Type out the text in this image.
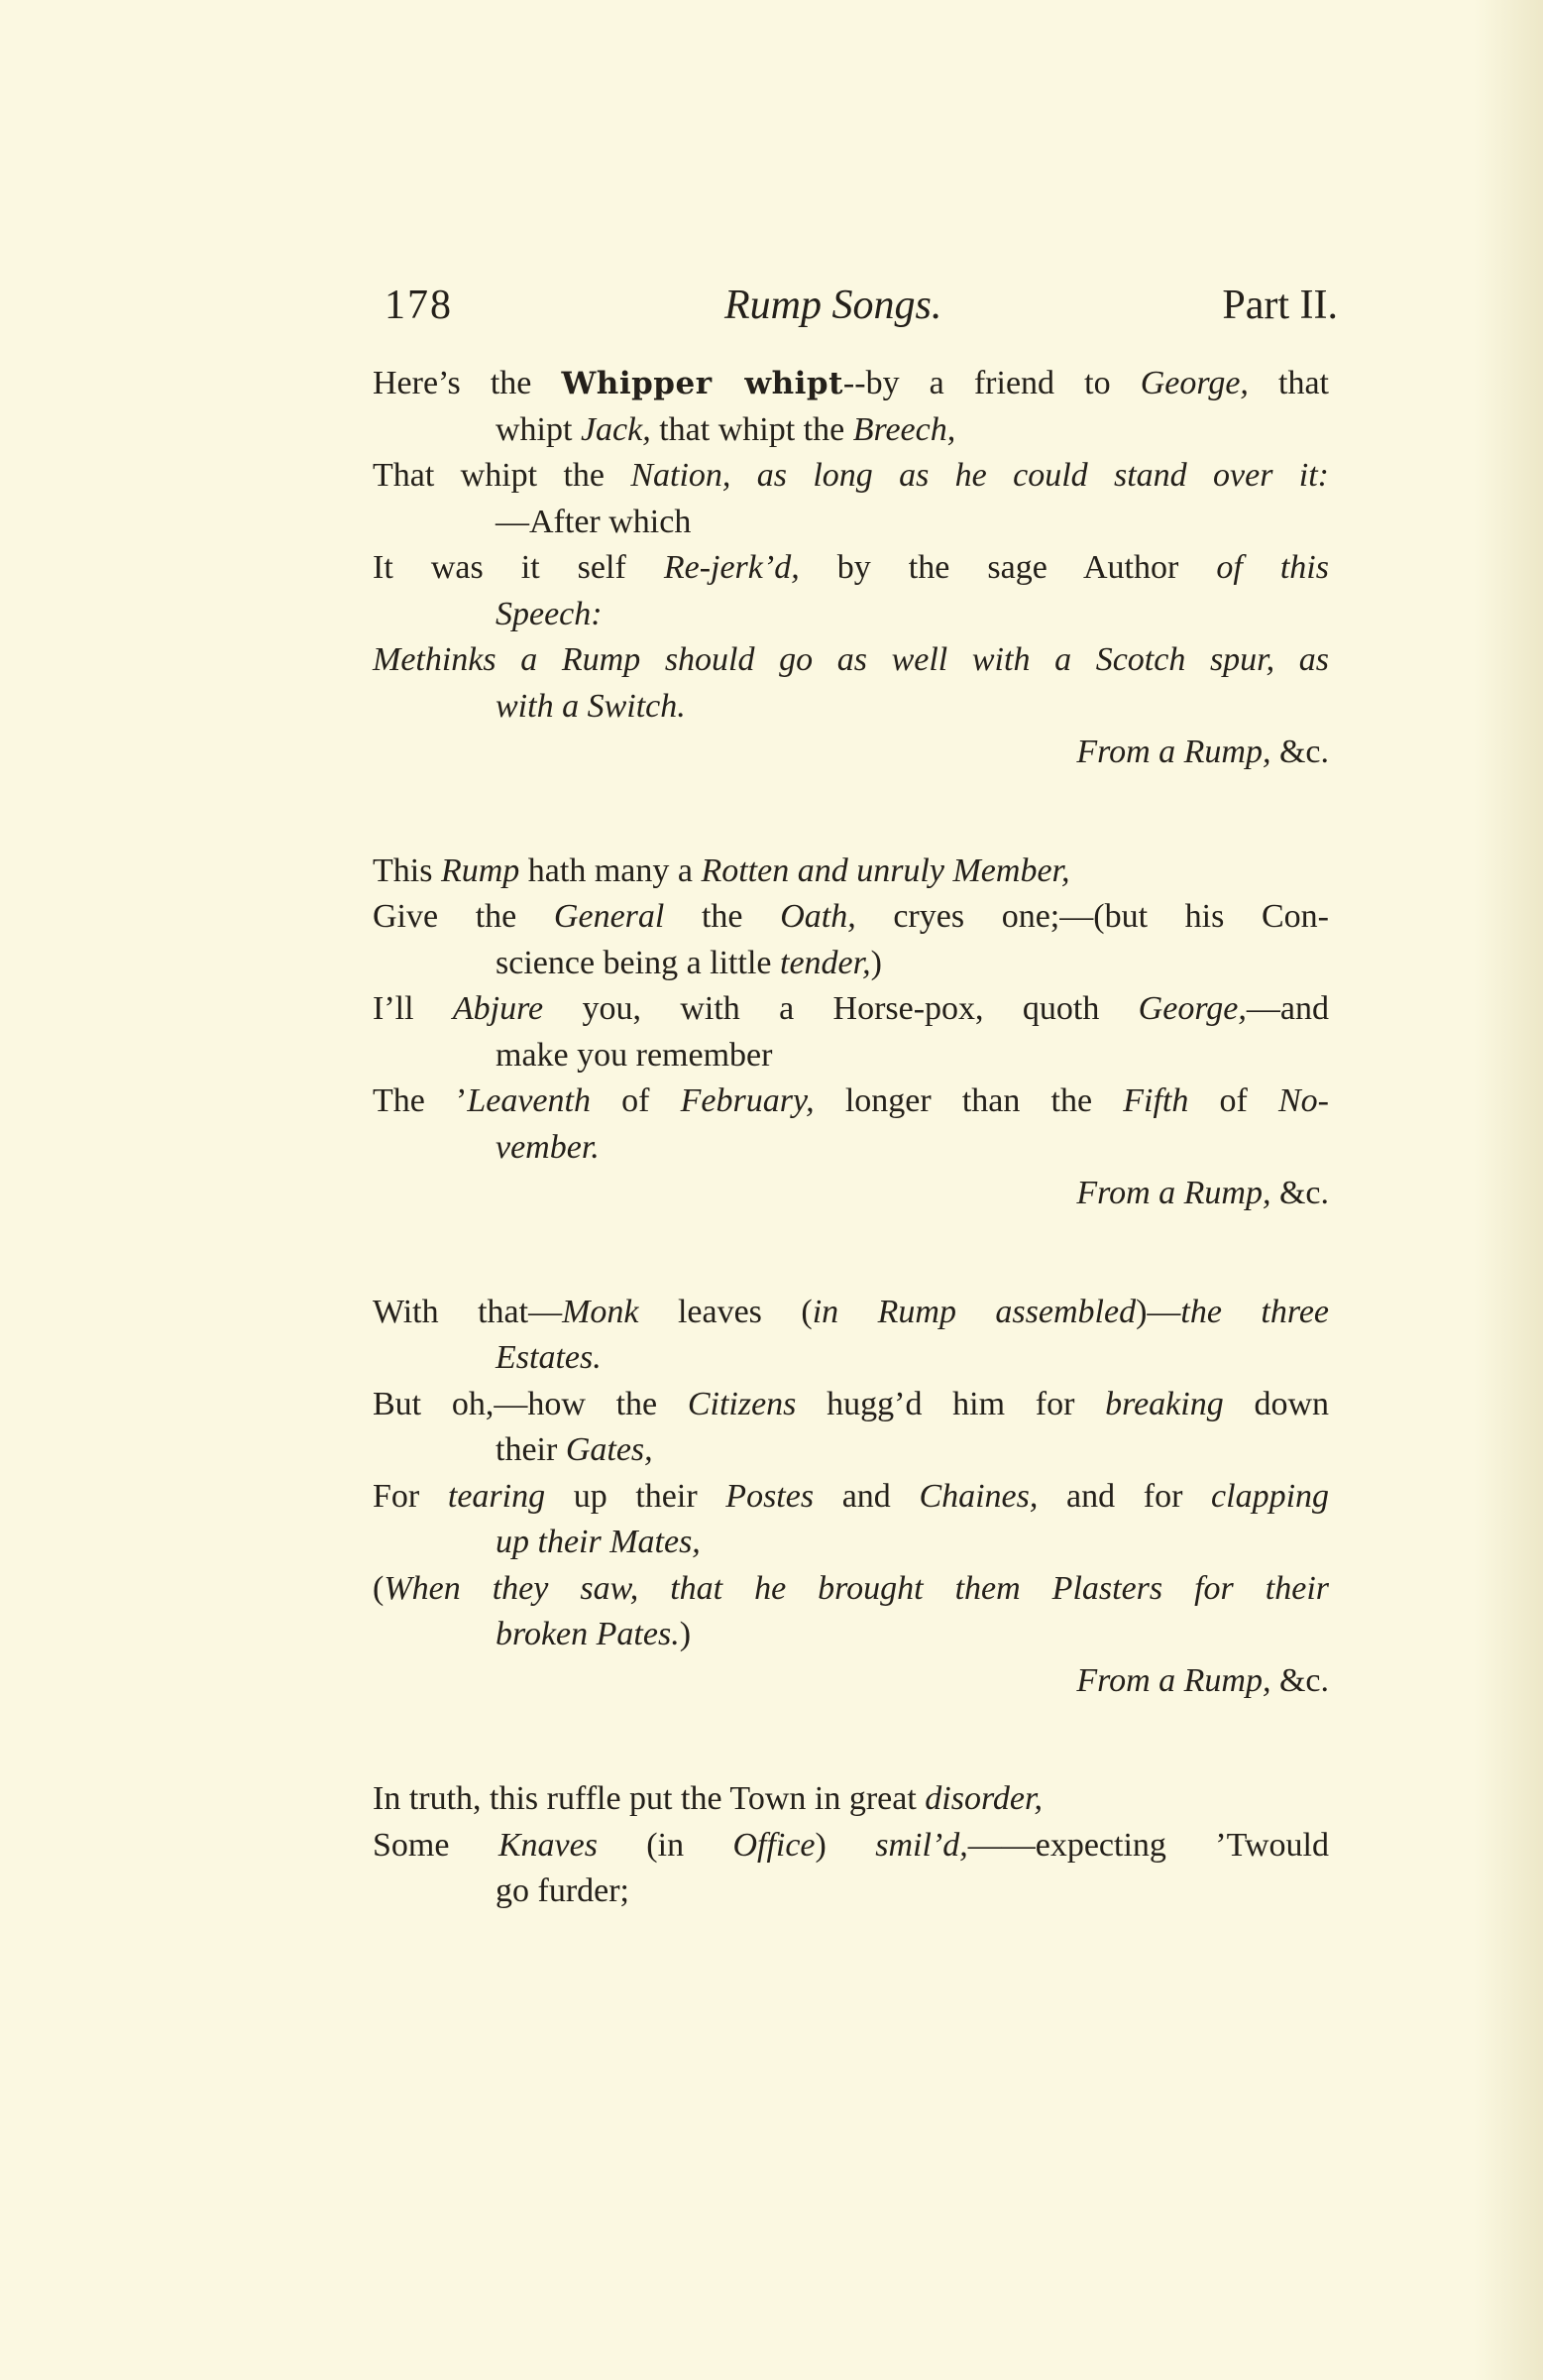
178	Rump Songs.	Part II.
Here’s the Whipper whipt--by a friend to George, that
whipt Jack, that whipt the Breech,
That whipt the Nation, as long as he could stand over it:
—After which
It was it self Re-jerk’d, by the sage Author of this
Speech:
Methinks a Rump should go as well with a Scotch spur, as
with a Switch.
From a Rump, &c.
This Rump hath many a Rotten and unruly Member,
Give the General the Oath, cryes one;—(but his Con-
science being a little tender,)
I’ll Abjure you, with a Horse-pox, quoth George,—and
make you remember
The ’Leaventh of February, longer than the Fifth of No-
vember.
From a Rump, &c.
With that—Monk leaves (in Rump assembled)—the three
Estates.
But oh,—how the Citizens hugg’d him for breaking down
their Gates,
For tearing up their Postes and Chaines, and for clapping
up their Mates,
(When they saw, that he brought them Plasters for their
broken Pates.)
From a Rump, &c.
In truth, this ruffle put the Town in great disorder,
Some Knaves (in Office) smil’d,——expecting ’Twould
go furder;
